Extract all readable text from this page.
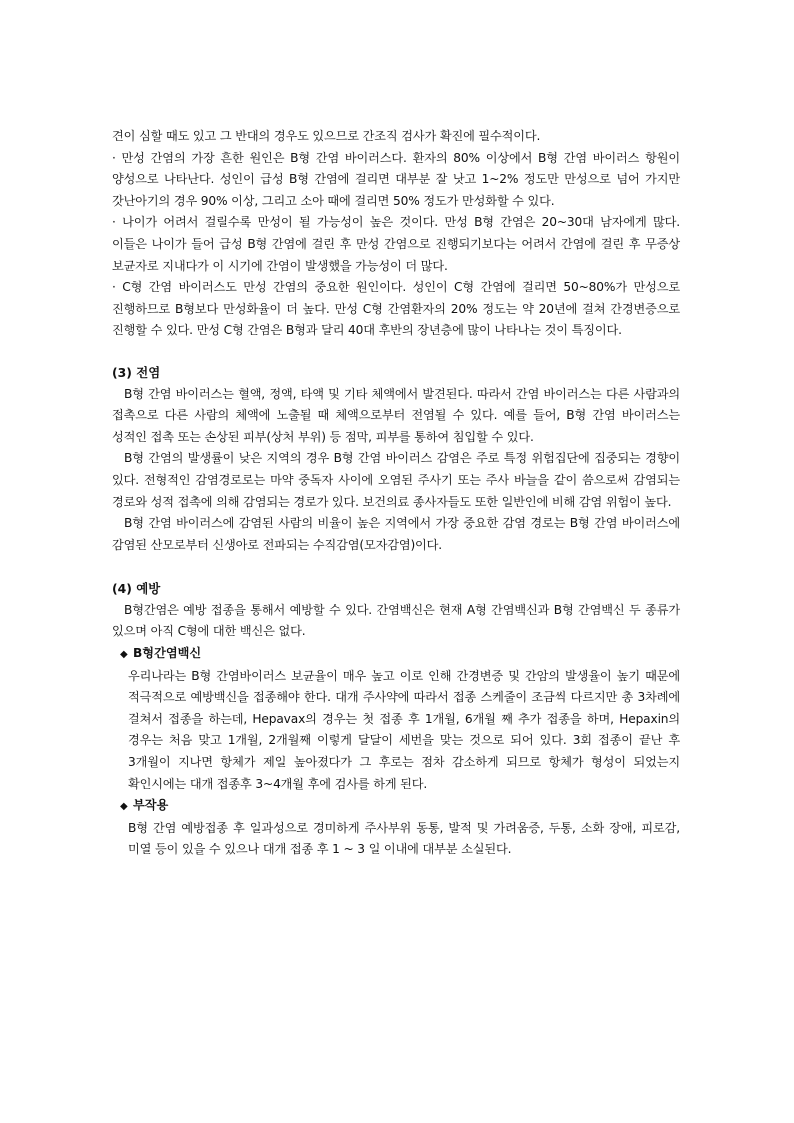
견이 심할 때도 있고 그 반대의 경우도 있으므로 간조직 검사가 확진에 필수적이다.

· 만성 간염의 가장 흔한 원인은 B형 간염 바이러스다. 환자의 80% 이상에서 B형 간염 바이러스 항원이 양성으로 나타난다. 성인이 급성 B형 간염에 걸리면 대부분 잘 낫고 1~2% 정도만 만성으로 넘어 가지만 갓난아기의 경우 90% 이상, 그리고 소아 때에 걸리면 50% 정도가 만성화할 수 있다.

· 나이가 어려서 걸릴수록 만성이 될 가능성이 높은 것이다. 만성 B형 간염은 20~30대 남자에게 많다. 이들은 나이가 들어 급성 B형 간염에 걸린 후 만성 간염으로 진행되기보다는 어려서 간염에 걸린 후 무증상 보균자로 지내다가 이 시기에 간염이 발생했을 가능성이 더 많다.

· C형 간염 바이러스도 만성 간염의 중요한 원인이다. 성인이 C형 간염에 걸리면 50~80%가 만성으로 진행하므로 B형보다 만성화율이 더 높다. 만성 C형 간염환자의 20% 정도는 약 20년에 걸쳐 간경변증으로 진행할 수 있다. 만성 C형 간염은 B형과 달리 40대 후반의 장년층에 많이 나타나는 것이 특징이다.

(3) 전염

B형 간염 바이러스는 혈액, 정액, 타액 및 기타 체액에서 발견된다. 따라서 간염 바이러스는 다른 사람과의 접촉으로 다른 사람의 체액에 노출될 때 체액으로부터 전염될 수 있다. 예를 들어, B형 간염 바이러스는 성적인 접촉 또는 손상된 피부(상처 부위) 등 점막, 피부를 통하여 침입할 수 있다.

B형 간염의 발생률이 낮은 지역의 경우 B형 간염 바이러스 감염은 주로 특정 위험집단에 집중되는 경향이 있다. 전형적인 감염경로로는 마약 중독자 사이에 오염된 주사기 또는 주사 바늘을 같이 씀으로써 감염되는 경로와 성적 접촉에 의해 감염되는 경로가 있다. 보건의료 종사자들도 또한 일반인에 비해 감염 위험이 높다.

B형 간염 바이러스에 감염된 사람의 비율이 높은 지역에서 가장 중요한 감염 경로는 B형 간염 바이러스에 감염된 산모로부터 신생아로 전파되는 수직감염(모자감염)이다.

(4) 예방

B형간염은 예방 접종을 통해서 예방할 수 있다. 간염백신은 현재 A형 간염백신과 B형 간염백신 두 종류가 있으며 아직 C형에 대한 백신은 없다.

◆ B형간염백신

우리나라는 B형 간염바이러스 보균율이 매우 높고 이로 인해 간경변증 및 간암의 발생율이 높기 때문에 적극적으로 예방백신을 접종해야 한다. 대개 주사약에 따라서 접종 스케줄이 조금씩 다르지만 총 3차례에 걸쳐서 접종을 하는데, Hepavax의 경우는 첫 접종 후 1개월, 6개월 째 추가 접종을 하며, Hepaxin의 경우는 처음 맞고 1개월, 2개월째 이렇게 달달이 세번을 맞는 것으로 되어 있다. 3회 접종이 끝난 후 3개월이 지나면 항체가 제일 높아졌다가 그 후로는 점차 감소하게 되므로 항체가 형성이 되었는지 확인시에는 대개 접종후 3~4개월 후에 검사를 하게 된다.

◆ 부작용

B형 간염 예방접종 후 일과성으로 경미하게 주사부위 동통, 발적 및 가려움증, 두통, 소화 장애, 피로감, 미열 등이 있을 수 있으나 대개 접종 후 1 ~ 3 일 이내에 대부분 소실된다.
